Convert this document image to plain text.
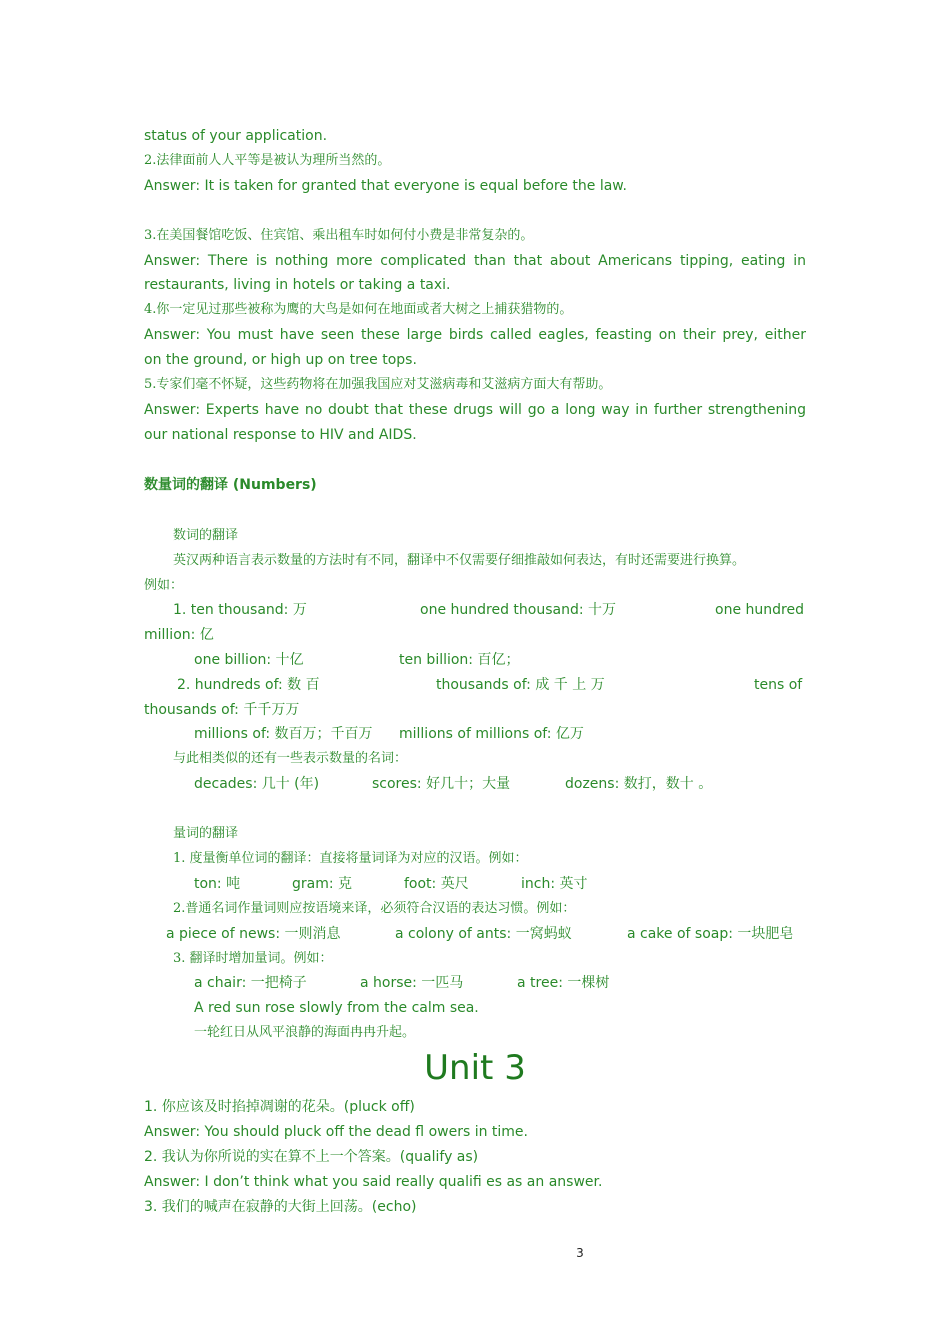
status of your application.
2.法律面前人人平等是被认为理所当然的。
Answer: It is taken for granted that everyone is equal before the law.
3.在美国餐馆吃饭、住宾馆、乘出租车时如何付小费是非常复杂的。
Answer: There is nothing more complicated than that about Americans tipping, eating in
restaurants, living in hotels or taking a taxi.
4.你一定见过那些被称为鹰的大鸟是如何在地面或者大树之上捕获猎物的。
Answer: You must have seen these large birds called eagles, feasting on their prey, either
on the ground, or high up on tree tops.
5.专家们毫不怀疑，这些药物将在加强我国应对艾滋病毒和艾滋病方面大有帮助。
Answer: Experts have no doubt that these drugs will go a long way in further strengthening
our national response to HIV and AIDS.
数量词的翻译 (Numbers)
数词的翻译
英汉两种语言表示数量的方法时有不同，翻译中不仅需要仔细推敲如何表达，有时还需要进行换算。
例如：
1. ten thousand: 万	one hundred thousand: 十万	one hundred
million: 亿
one billion: 十亿	ten billion: 百亿；
2. hundreds of: 数 百	thousands of: 成 千 上 万	tens of
thousands of: 千千万万
millions of: 数百万；千百万 millions of millions of: 亿万
与此相类似的还有一些表示数量的名词：
decades: 几十 (年)	scores: 好几十；大量	dozens: 数打，数十 。
量词的翻译
1. 度量衡单位词的翻译：直接将量词译为对应的汉语。例如：
ton: 吨	gram: 克	foot: 英尺	inch: 英寸
2.普通名词作量词则应按语境来译，必须符合汉语的表达习惯。例如：
a piece of news: 一则消息	a colony of ants: 一窝蚂蚁	a cake of soap: 一块肥皂
3. 翻译时增加量词。例如：
a chair: 一把椅子	a horse: 一匹马	a tree: 一棵树
A red sun rose slowly from the calm sea.
一轮红日从风平浪静的海面冉冉升起。
Unit 3
1. 你应该及时掐掉凋谢的花朵。(pluck off)
Answer: You should pluck off the dead fl owers in time.
2. 我认为你所说的实在算不上一个答案。(qualify as)
Answer: I don’t think what you said really qualifi es as an answer.
3. 我们的喊声在寂静的大街上回荡。(echo)
3
